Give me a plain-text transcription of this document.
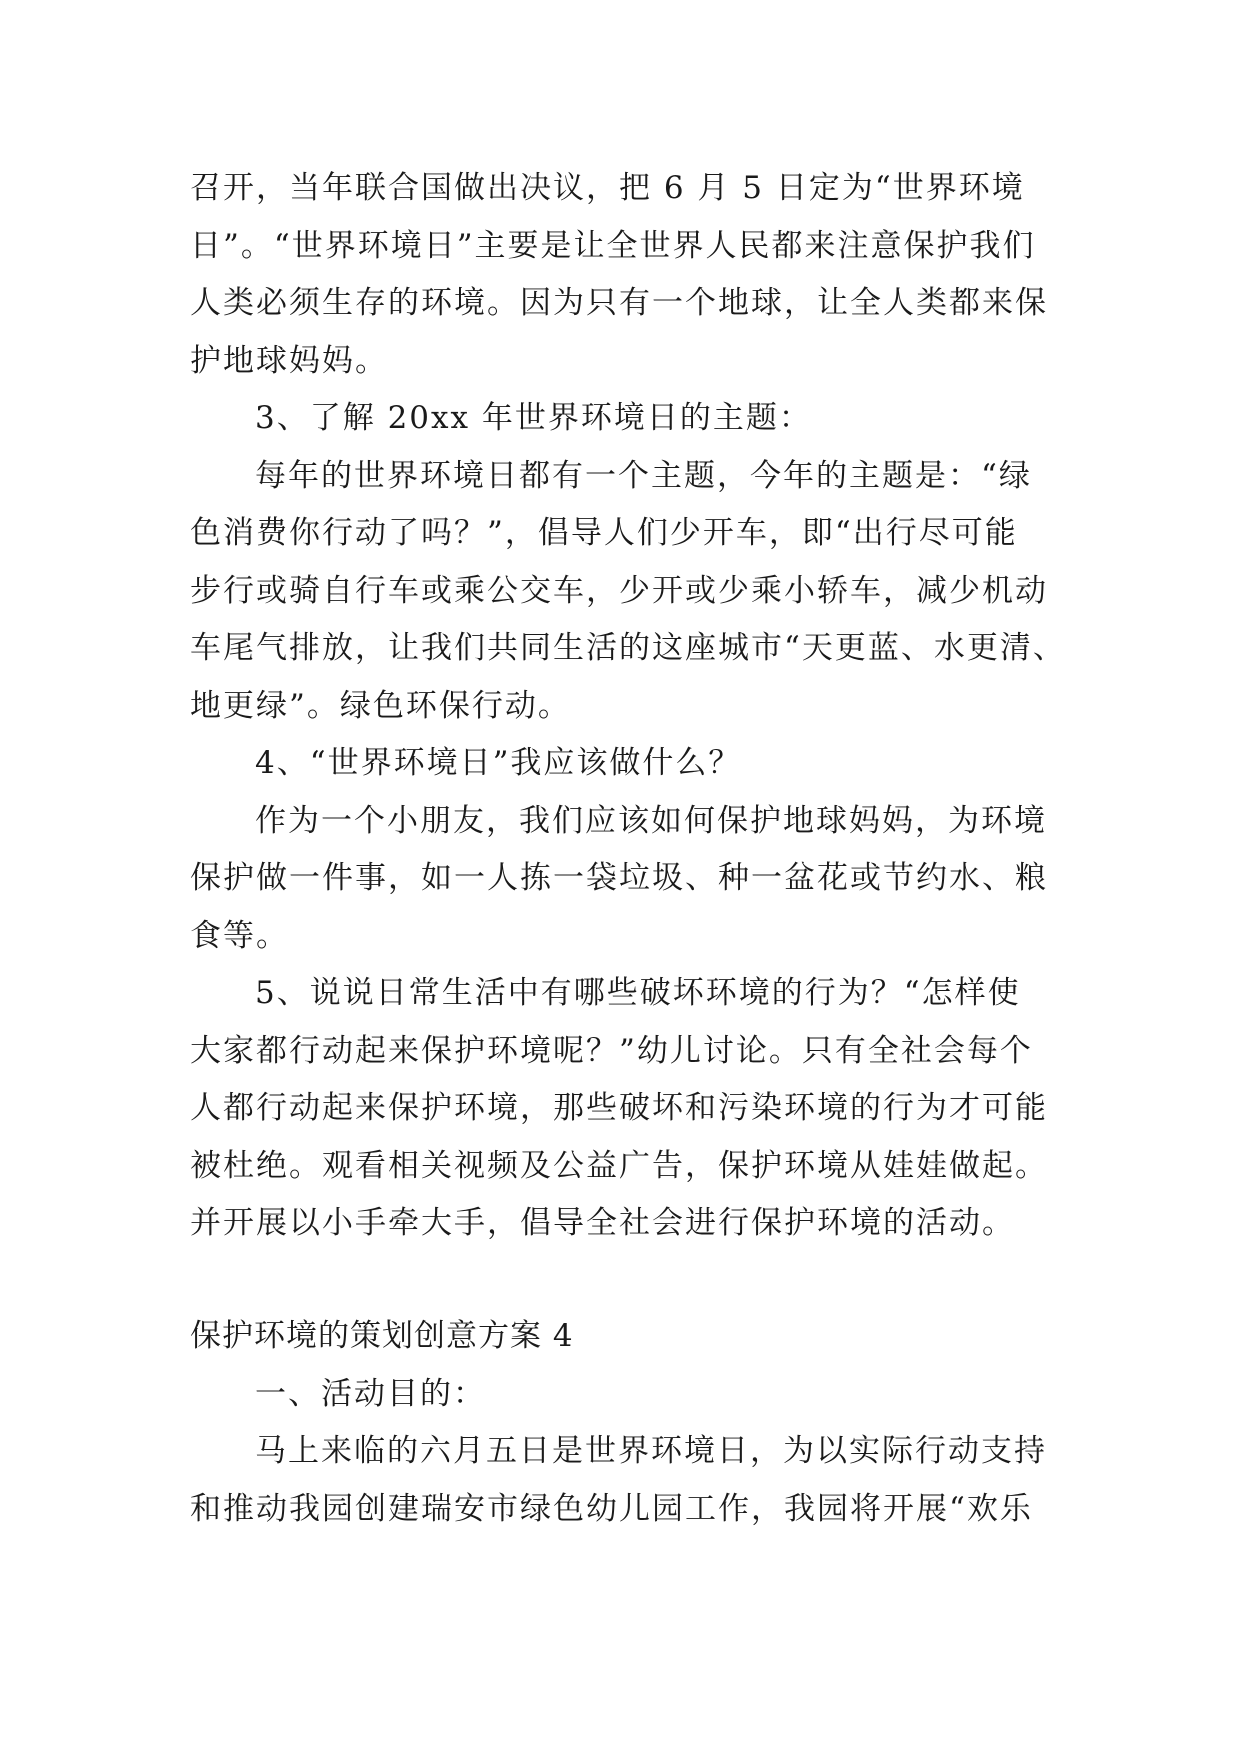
召开，当年联合国做出决议，把 6 月 5 日定为“世界环境
日”。“世界环境日”主要是让全世界人民都来注意保护我们
人类必须生存的环境。因为只有一个地球，让全人类都来保
护地球妈妈。
3、了解 20xx 年世界环境日的主题：
每年的世界环境日都有一个主题，今年的主题是：“绿
色消费你行动了吗？”，倡导人们少开车，即“出行尽可能
步行或骑自行车或乘公交车，少开或少乘小轿车，减少机动
车尾气排放，让我们共同生活的这座城市“天更蓝、水更清、
地更绿”。绿色环保行动。
4、“世界环境日”我应该做什么？
作为一个小朋友，我们应该如何保护地球妈妈，为环境
保护做一件事，如一人拣一袋垃圾、种一盆花或节约水、粮
食等。
5、说说日常生活中有哪些破坏环境的行为？“怎样使
大家都行动起来保护环境呢？”幼儿讨论。只有全社会每个
人都行动起来保护环境，那些破坏和污染环境的行为才可能
被杜绝。观看相关视频及公益广告，保护环境从娃娃做起。
并开展以小手牵大手，倡导全社会进行保护环境的活动。
保护环境的策划创意方案 4
一、活动目的：
马上来临的六月五日是世界环境日，为以实际行动支持
和推动我园创建瑞安市绿色幼儿园工作，我园将开展“欢乐
